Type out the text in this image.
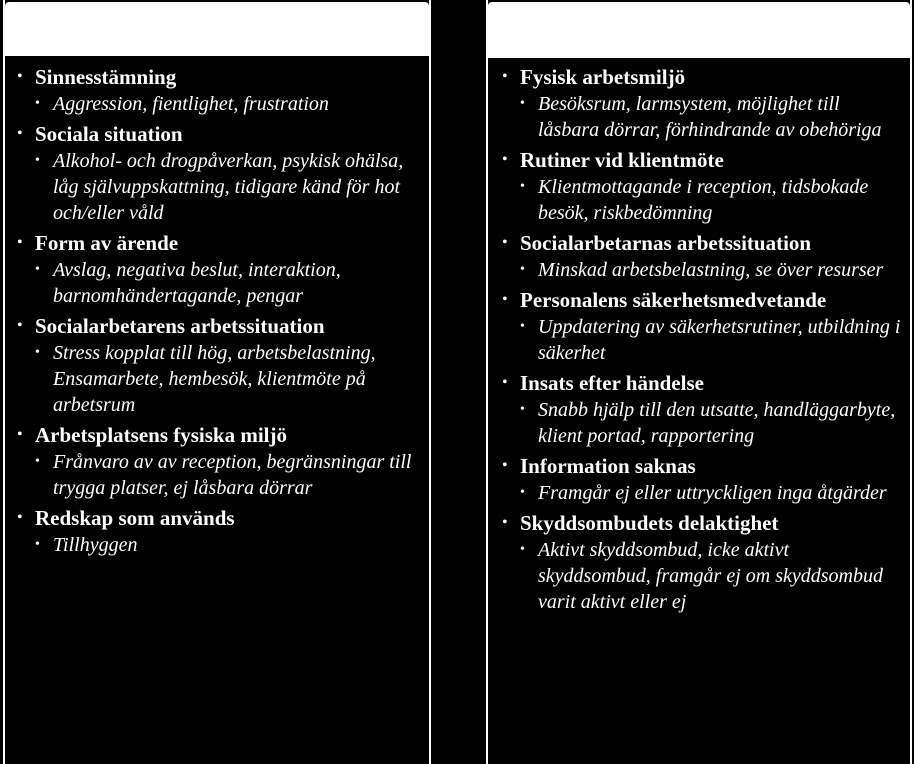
• Sinnesstämning
• Aggression, fientlighet, frustration
• Sociala situation
• Alkohol- och drogpåverkan, psykisk ohälsa, låg självuppskattning, tidigare känd för hot och/eller våld
• Form av ärende
• Avslag, negativa beslut, interaktion, barnomhändertagande, pengar
• Socialarbetarens arbetssituation
• Stress kopplat till hög, arbetsbelastning, Ensamarbete, hembesök, klientmöte på arbetsrum
• Arbetsplatsens fysiska miljö
• Frånvaro av av reception, begränsningar till trygga platser, ej låsbara dörrar
• Redskap som används
• Tillhyggen
• Fysisk arbetsmiljö
• Besöksrum, larmsystem, möjlighet till låsbara dörrar, förhindrande av obehöriga
• Rutiner vid klientmöte
• Klientmottagande i reception, tidsbokade besök, riskbedömning
• Socialarbetarnas arbetssituation
• Minskad arbetsbelastning, se över resurser
• Personalens säkerhetsmedvetande
• Uppdatering av säkerhetsrutiner, utbildning i säkerhet
• Insats efter händelse
• Snabb hjälp till den utsatte, handläggarbyte, klient portad, rapportering
• Information saknas
• Framgår ej eller uttryckligen inga åtgärder
• Skyddsombudets delaktighet
• Aktivt skyddsombud, icke aktivt skyddsombud, framgår ej om skyddsombud varit aktivt eller ej
